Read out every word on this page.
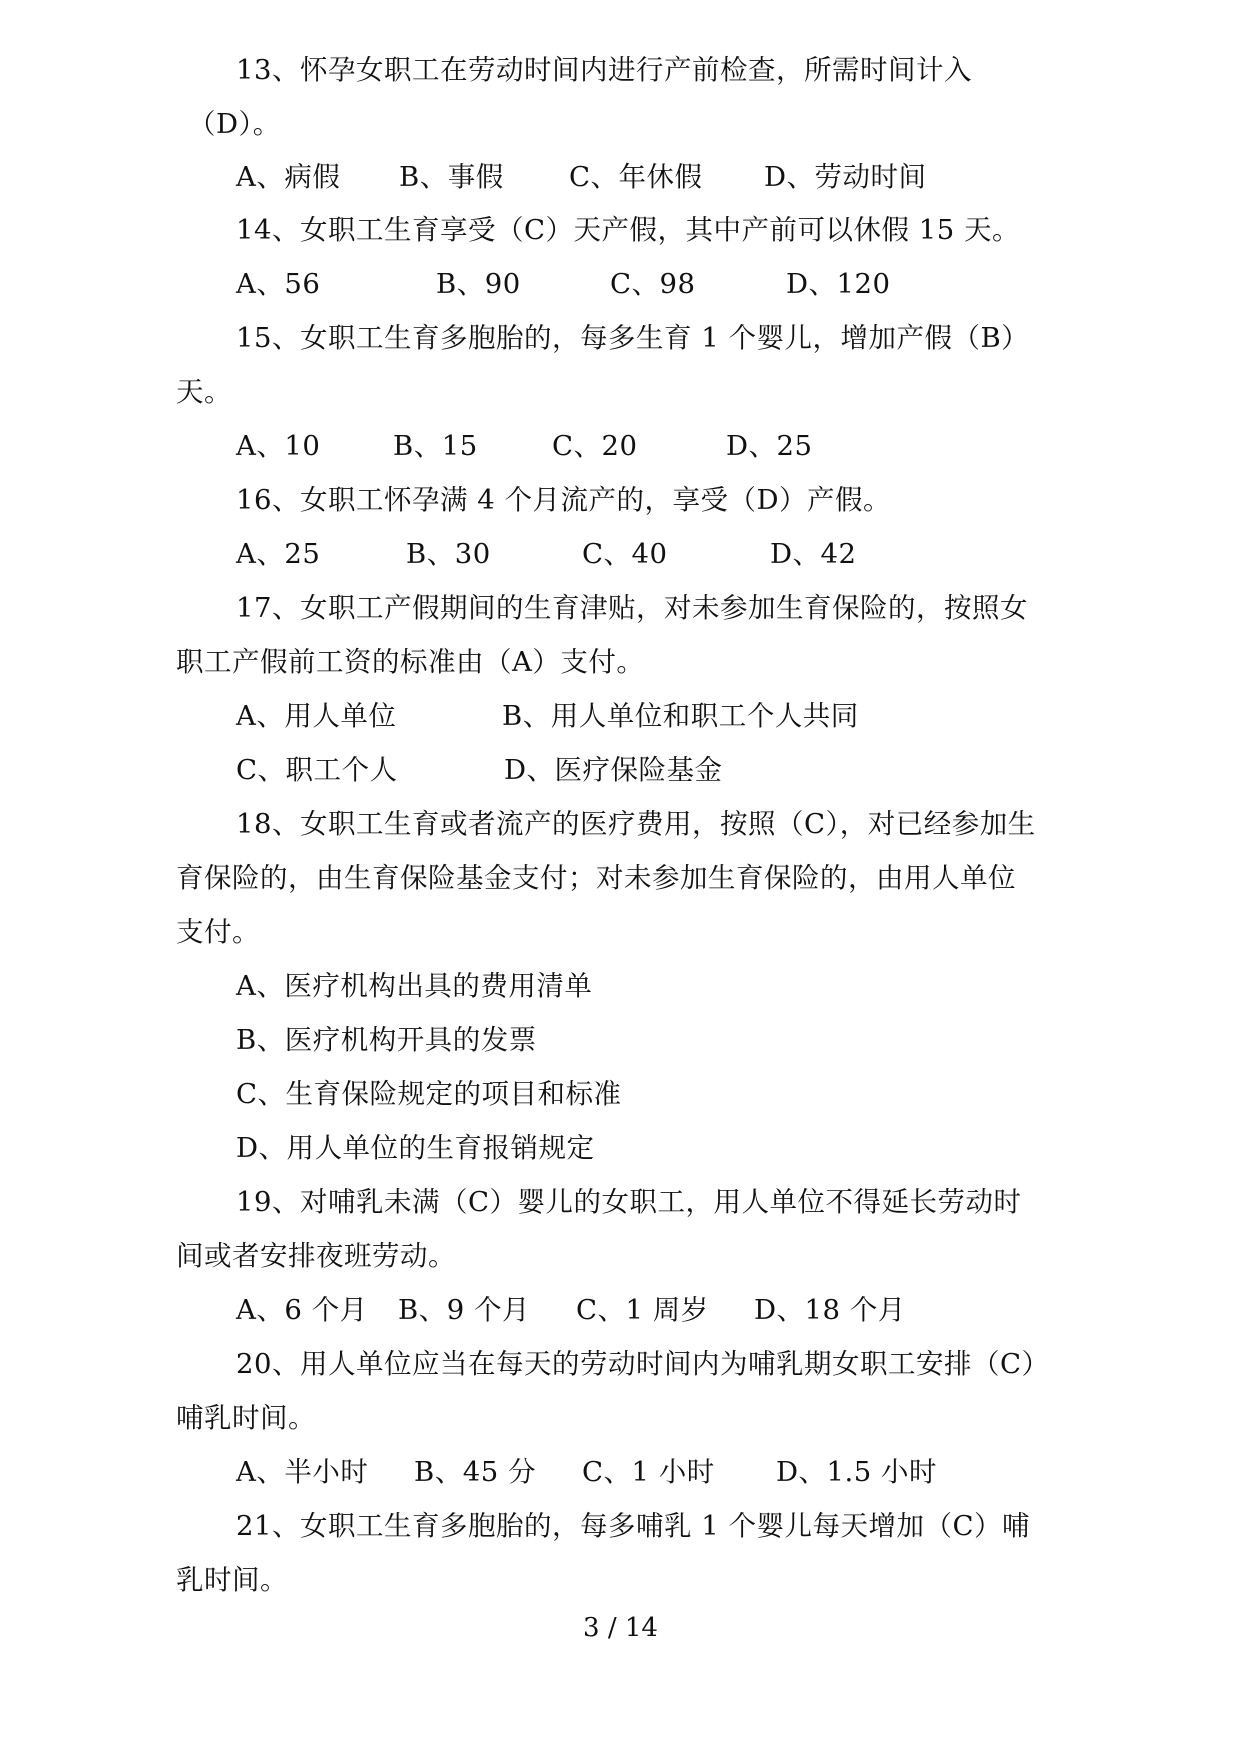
13、怀孕女职工在劳动时间内进行产前检查，所需时间计入
（D）。
A、病假 B、事假 C、年休假 D、劳动时间
14、女职工生育享受（C）天产假，其中产前可以休假 15 天。
A、56	B、90	C、98	D、120
15、女职工生育多胞胎的，每多生育 1 个婴儿，增加产假（B）
天。
A、10	B、15	C、20	D、25
16、女职工怀孕满 4 个月流产的，享受（D）产假。
A、25	B、30	C、40	D、42
17、女职工产假期间的生育津贴，对未参加生育保险的，按照女
职工产假前工资的标准由（A）支付。
A、用人单位	B、用人单位和职工个人共同
C、职工个人	D、医疗保险基金
18、女职工生育或者流产的医疗费用，按照（C），对已经参加生
育保险的，由生育保险基金支付；对未参加生育保险的，由用人单位
支付。
A、医疗机构出具的费用清单
B、医疗机构开具的发票
C、生育保险规定的项目和标准
D、用人单位的生育报销规定
19、对哺乳未满（C）婴儿的女职工，用人单位不得延长劳动时
间或者安排夜班劳动。
A、6 个月 B、9 个月 C、1 周岁 D、18 个月
20、用人单位应当在每天的劳动时间内为哺乳期女职工安排（C）
哺乳时间。
A、半小时 B、45 分 C、1 小时 D、1.5 小时
21、女职工生育多胞胎的，每多哺乳 1 个婴儿每天增加（C）哺
乳时间。
3 / 14
